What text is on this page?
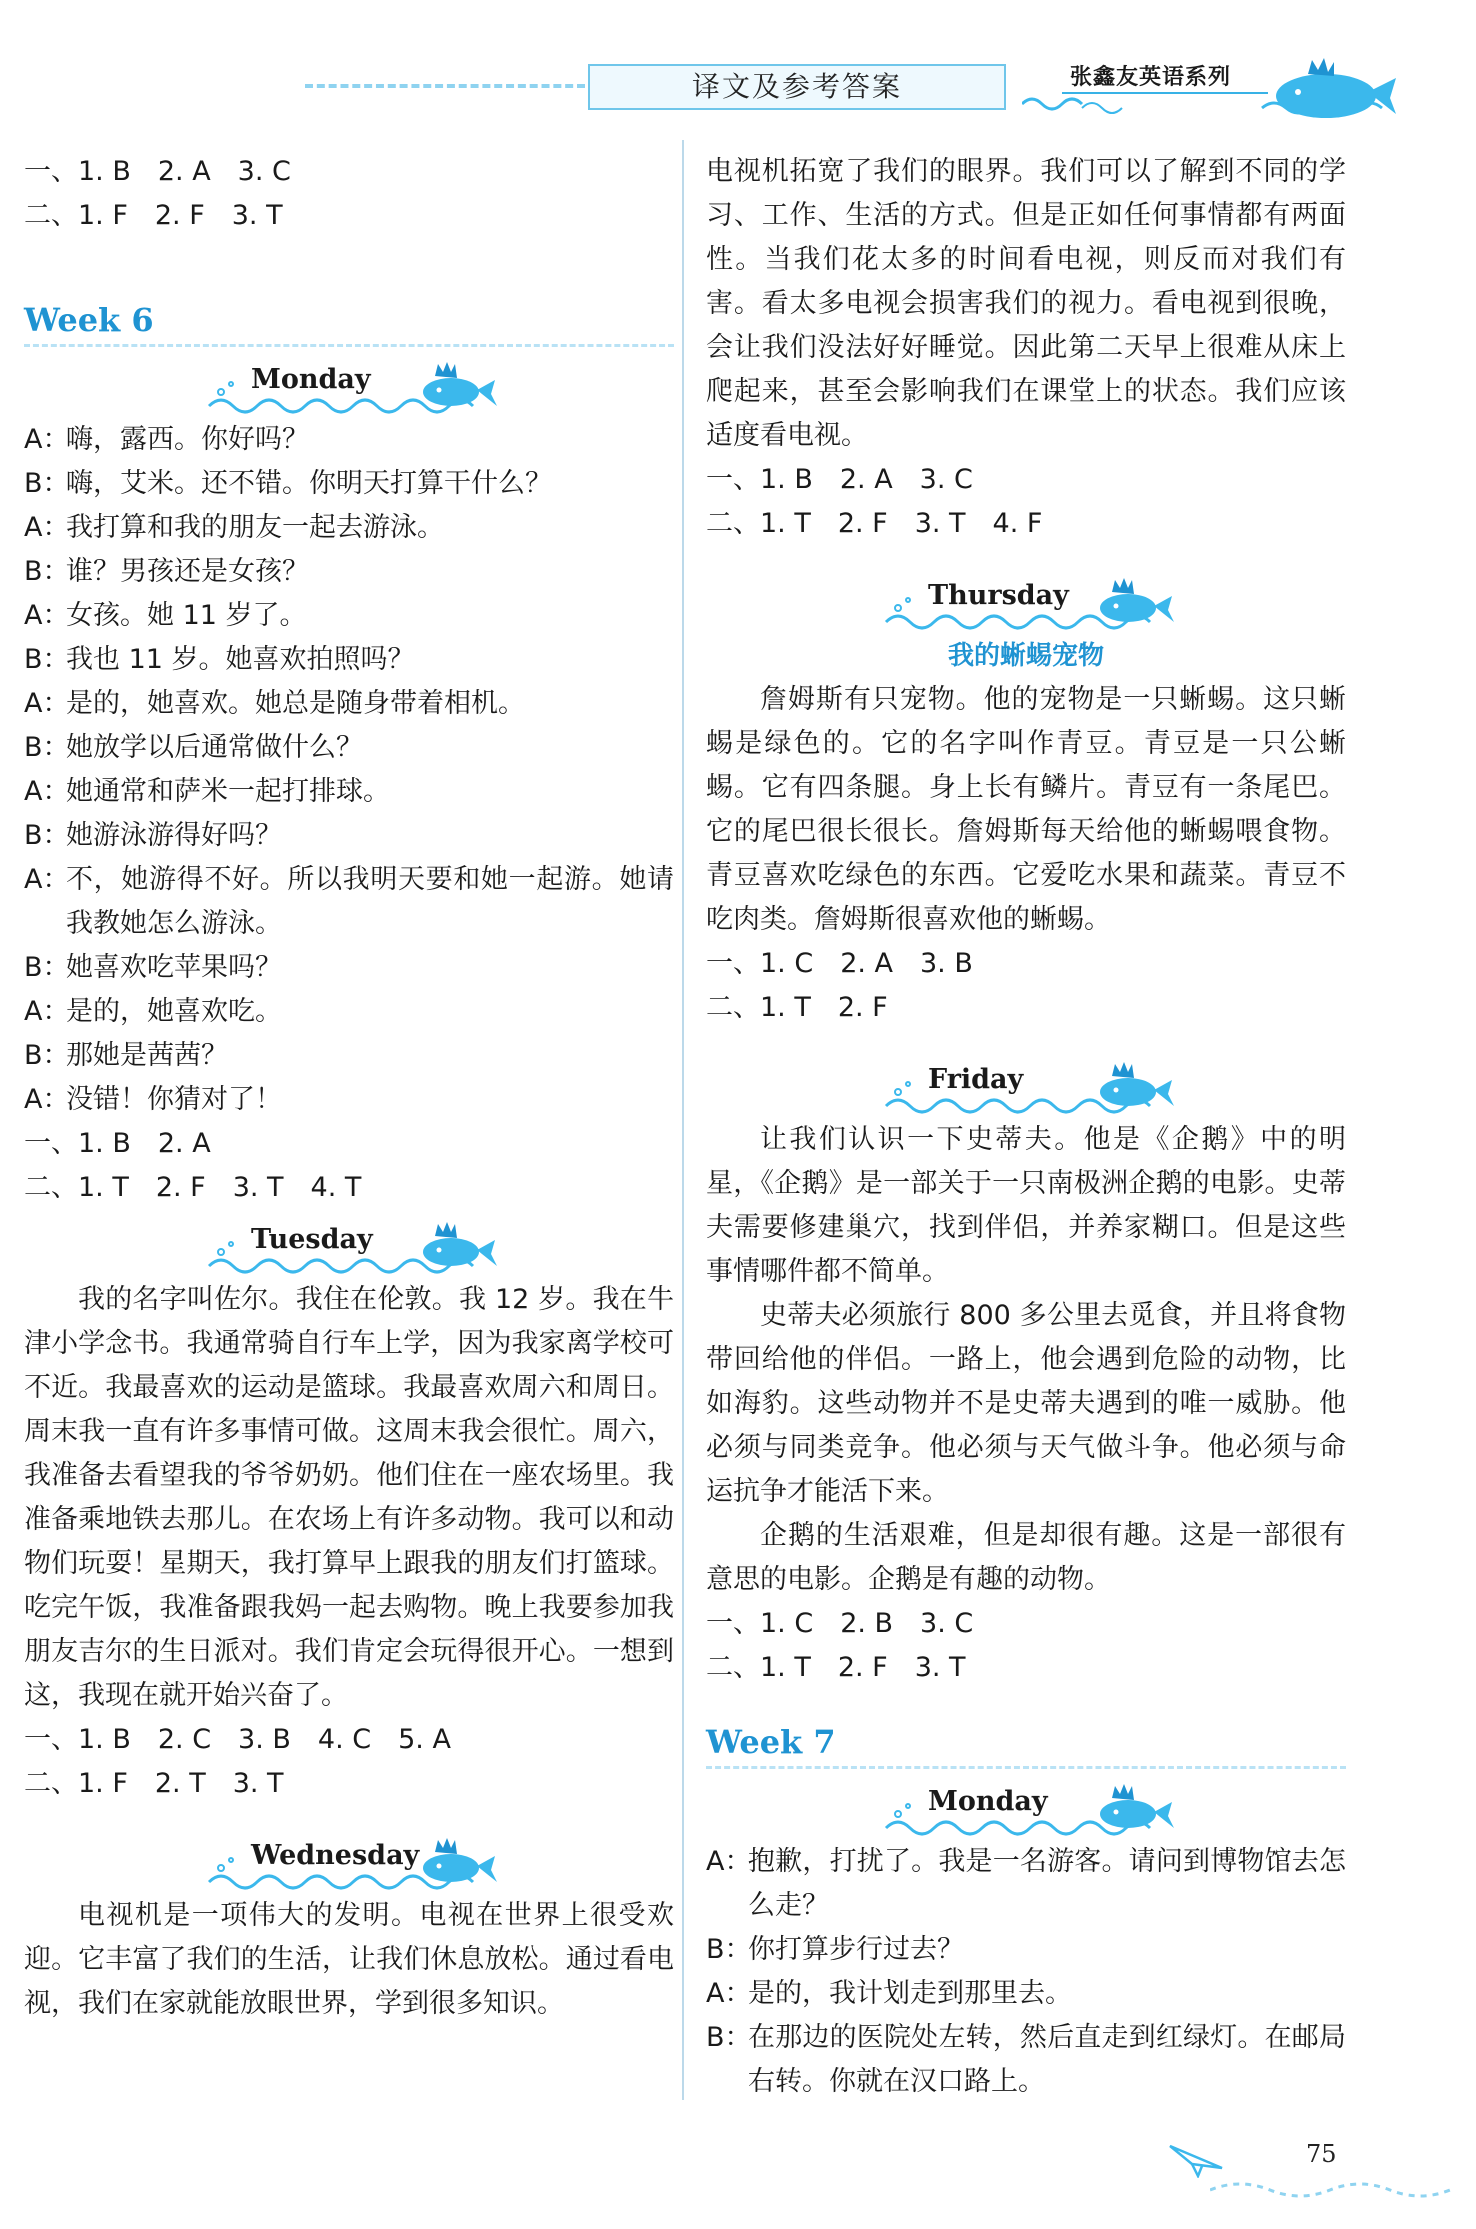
译文及参考答案	张鑫友英语系列
一、1. B　2. A　3. C
二、1. F　2. F　3. T
Week 6
Monday
A：
嗨，露西。你好吗？
B：
嗨，艾米。还不错。你明天打算干什么？
A：
我打算和我的朋友一起去游泳。
B：
谁？男孩还是女孩？
A：
女孩。她 11 岁了。
B：
我也 11 岁。她喜欢拍照吗？
A：
是的，她喜欢。她总是随身带着相机。
B：
她放学以后通常做什么？
A：
她通常和萨米一起打排球。
B：
她游泳游得好吗？
A：
不，她游得不好。所以我明天要和她一起游。她请我教她怎么游泳。
B：
她喜欢吃苹果吗？
A：
是的，她喜欢吃。
B：
那她是茜茜？
A：
没错！你猜对了！
一、1. B　2. A
二、1. T　2. F　3. T　4. T
Tuesday
我的名字叫佐尔。我住在伦敦。我 12 岁。我在牛津小学念书。我通常骑自行车上学，因为我家离学校可不近。我最喜欢的运动是篮球。我最喜欢周六和周日。周末我一直有许多事情可做。这周末我会很忙。周六，我准备去看望我的爷爷奶奶。他们住在一座农场里。我准备乘地铁去那儿。在农场上有许多动物。我可以和动物们玩耍！星期天，我打算早上跟我的朋友们打篮球。吃完午饭，我准备跟我妈一起去购物。晚上我要参加我朋友吉尔的生日派对。我们肯定会玩得很开心。一想到这，我现在就开始兴奋了。
一、1. B　2. C　3. B　4. C　5. A
二、1. F　2. T　3. T
Wednesday
电视机是一项伟大的发明。电视在世界上很受欢迎。它丰富了我们的生活，让我们休息放松。通过看电视，我们在家就能放眼世界，学到很多知识。
电视机拓宽了我们的眼界。我们可以了解到不同的学习、工作、生活的方式。但是正如任何事情都有两面性。当我们花太多的时间看电视，则反而对我们有害。看太多电视会损害我们的视力。看电视到很晚，会让我们没法好好睡觉。因此第二天早上很难从床上爬起来，甚至会影响我们在课堂上的状态。我们应该适度看电视。
一、1. B　2. A　3. C
二、1. T　2. F　3. T　4. F
Thursday
我的蜥蜴宠物
詹姆斯有只宠物。他的宠物是一只蜥蜴。这只蜥蜴是绿色的。它的名字叫作青豆。青豆是一只公蜥蜴。它有四条腿。身上长有鳞片。青豆有一条尾巴。它的尾巴很长很长。詹姆斯每天给他的蜥蜴喂食物。青豆喜欢吃绿色的东西。它爱吃水果和蔬菜。青豆不吃肉类。詹姆斯很喜欢他的蜥蜴。
一、1. C　2. A　3. B
二、1. T　2. F
Friday
让我们认识一下史蒂夫。他是《企鹅》中的明星，《企鹅》是一部关于一只南极洲企鹅的电影。史蒂夫需要修建巢穴，找到伴侣，并养家糊口。但是这些事情哪件都不简单。
史蒂夫必须旅行 800 多公里去觅食，并且将食物带回给他的伴侣。一路上，他会遇到危险的动物，比如海豹。这些动物并不是史蒂夫遇到的唯一威胁。他必须与同类竞争。他必须与天气做斗争。他必须与命运抗争才能活下来。
企鹅的生活艰难，但是却很有趣。这是一部很有意思的电影。企鹅是有趣的动物。
一、1. C　2. B　3. C
二、1. T　2. F　3. T
Week 7
Monday
A：
抱歉，打扰了。我是一名游客。请问到博物馆去怎么走？
B：
你打算步行过去？
A：
是的，我计划走到那里去。
B：
在那边的医院处左转，然后直走到红绿灯。在邮局右转。你就在汉口路上。
75
